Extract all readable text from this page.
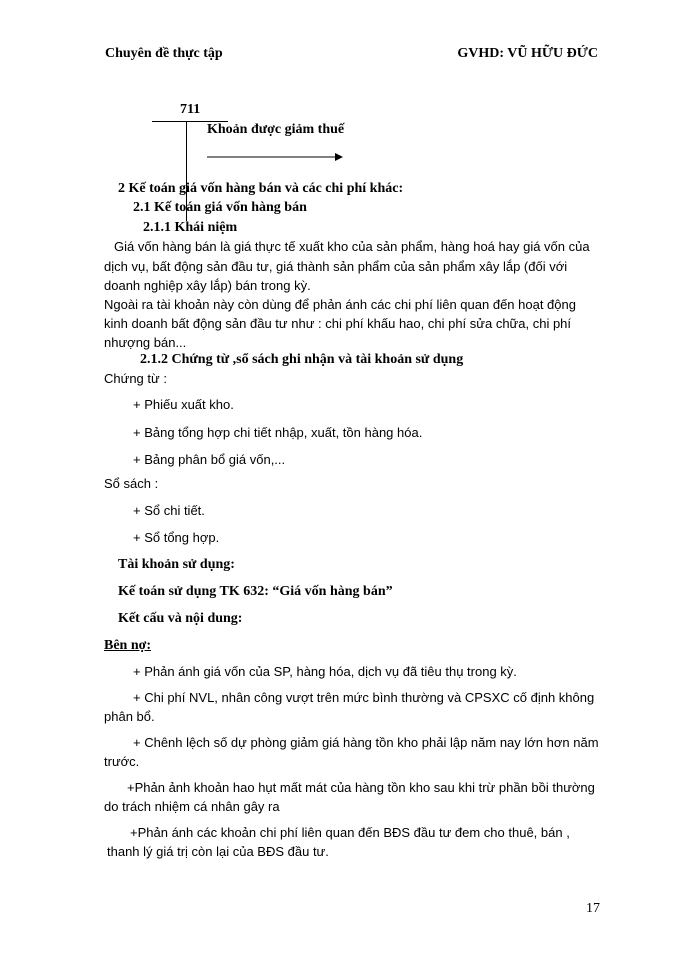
Chuyên đề thực tập	GVHD: VŨ HỮU ĐỨC
711
Khoản được giảm thuế
2 Kế toán giá vốn hàng bán và các chi phí khác:
2.1 Kế toán giá vốn hàng bán
2.1.1 Khái niệm
Giá vốn hàng bán là giá thực tế xuất kho của sản phẩm, hàng hoá hay giá vốn của
dịch vụ, bất động sản đầu tư, giá thành sản phẩm của sản phẩm xây lắp (đối với
doanh nghiệp xây lắp) bán trong kỳ.
Ngoài ra tài khoản này còn dùng để phản ánh các chi phí liên quan đến hoạt động
kinh doanh bất động sản đầu tư như : chi phí khấu hao, chi phí sửa chữa, chi phí
nhượng bán...
2.1.2 Chứng từ ,sổ sách ghi nhận và tài khoản sử dụng
Chứng từ :
+ Phiếu xuất kho.
+ Bảng tổng hợp chi tiết nhập, xuất, tồn hàng hóa.
+ Bảng phân bổ giá vốn,...
Sổ sách :
+ Sổ chi tiết.
+ Sổ tổng hợp.
Tài khoản sử dụng:
Kế toán sử dụng TK 632: “Giá vốn hàng bán”
Kết cấu và nội dung:
Bên nợ:
+ Phản ánh giá vốn của SP, hàng hóa, dịch vụ đã tiêu thụ trong kỳ.
+ Chi phí NVL, nhân công vượt trên mức bình thường và CPSXC cố định không
phân bổ.
+ Chênh lệch số dự phòng giảm giá hàng tồn kho phải lập năm nay lớn hơn năm
trước.
+Phản ảnh khoản hao hụt mất mát của hàng tồn kho sau khi trừ phần bồi thường
do trách nhiệm cá nhân gây ra
+Phản ánh các khoản chi phí liên quan đến BĐS đầu tư đem cho thuê, bán ,
thanh lý giá trị còn lại của BĐS đầu tư.
17
